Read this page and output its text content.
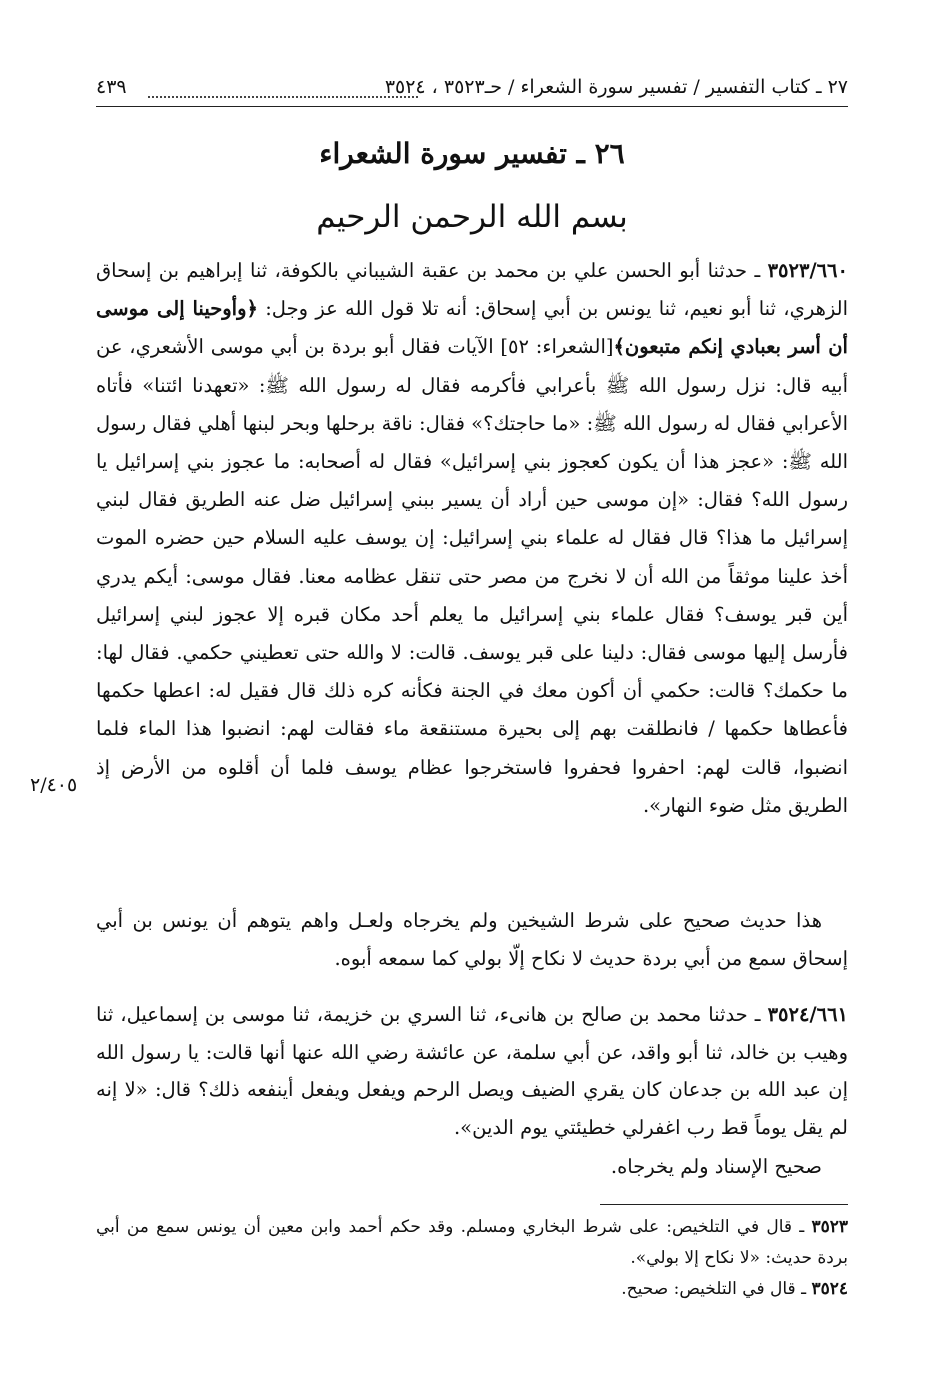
٢٧ ـ كتاب التفسير / تفسير سورة الشعراء / حـ٣٥٢٣ ، ٣٥٢٤
٤٣٩
٢٦ ـ تفسير سورة الشعراء
بسم الله الرحمن الرحيم
٣٥٢٣/٦٦٠ ـ حدثنا أبو الحسن علي بن محمد بن عقبة الشيباني بالكوفة، ثنا إبراهيم بن إسحاق الزهري، ثنا أبو نعيم، ثنا يونس بن أبي إسحاق: أنه تلا قول الله عز وجل: ﴿وأوحينا إلى موسى أن أسر بعبادي إنكم متبعون﴾[الشعراء: ٥٢] الآيات فقال أبو بردة بن أبي موسى الأشعري، عن أبيه قال: نزل رسول الله ﷺ بأعرابي فأكرمه فقال له رسول الله ﷺ: «تعهدنا ائتنا» فأتاه الأعرابي فقال له رسول الله ﷺ: «ما حاجتك؟» فقال: ناقة برحلها وبحر لبنها أهلي فقال رسول الله ﷺ: «عجز هذا أن يكون كعجوز بني إسرائيل» فقال له أصحابه: ما عجوز بني إسرائيل يا رسول الله؟ فقال: «إن موسى حين أراد أن يسير ببني إسرائيل ضل عنه الطريق فقال لبني إسرائيل ما هذا؟ قال فقال له علماء بني إسرائيل: إن يوسف عليه السلام حين حضره الموت أخذ علينا موثقاً من الله أن لا نخرج من مصر حتى تنقل عظامه معنا. فقال موسى: أيكم يدري أين قبر يوسف؟ فقال علماء بني إسرائيل ما يعلم أحد مكان قبره إلا عجوز لبني إسرائيل فأرسل إليها موسى فقال: دلينا على قبر يوسف. قالت: لا والله حتى تعطيني حكمي. فقال لها: ما حكمك؟ قالت: حكمي أن أكون معك في الجنة فكأنه كره ذلك قال فقيل له: اعطها حكمها فأعطاها حكمها / فانطلقت بهم إلى بحيرة مستنقعة ماء فقالت لهم: انضبوا هذا الماء فلما انضبوا، قالت لهم: احفروا فحفروا فاستخرجوا عظام يوسف فلما أن أقلوه من الأرض إذ الطريق مثل ضوء النهار».
٢/٤٠٥
هذا حديث صحيح على شرط الشيخين ولم يخرجاه ولعـل واهم يتوهم أن يونس بن أبي إسحاق سمع من أبي بردة حديث لا نكاح إلّا بولي كما سمعه أبوه.
٣٥٢٤/٦٦١ ـ حدثنا محمد بن صالح بن هانىء، ثنا السري بن خزيمة، ثنا موسى بن إسماعيل، ثنا وهيب بن خالد، ثنا أبو واقد، عن أبي سلمة، عن عائشة رضي الله عنها أنها قالت: يا رسول الله إن عبد الله بن جدعان كان يقري الضيف ويصل الرحم ويفعل ويفعل أينفعه ذلك؟ قال: «لا إنه لم يقل يوماً قط رب اغفرلي خطيئتي يوم الدين».
صحيح الإسناد ولم يخرجاه.
٣٥٢٣ ـ قال في التلخيص: على شرط البخاري ومسلم. وقد حكم أحمد وابن معين أن يونس سمع من أبي بردة حديث: «لا نكاح إلا بولي».
٣٥٢٤ ـ قال في التلخيص: صحيح.
